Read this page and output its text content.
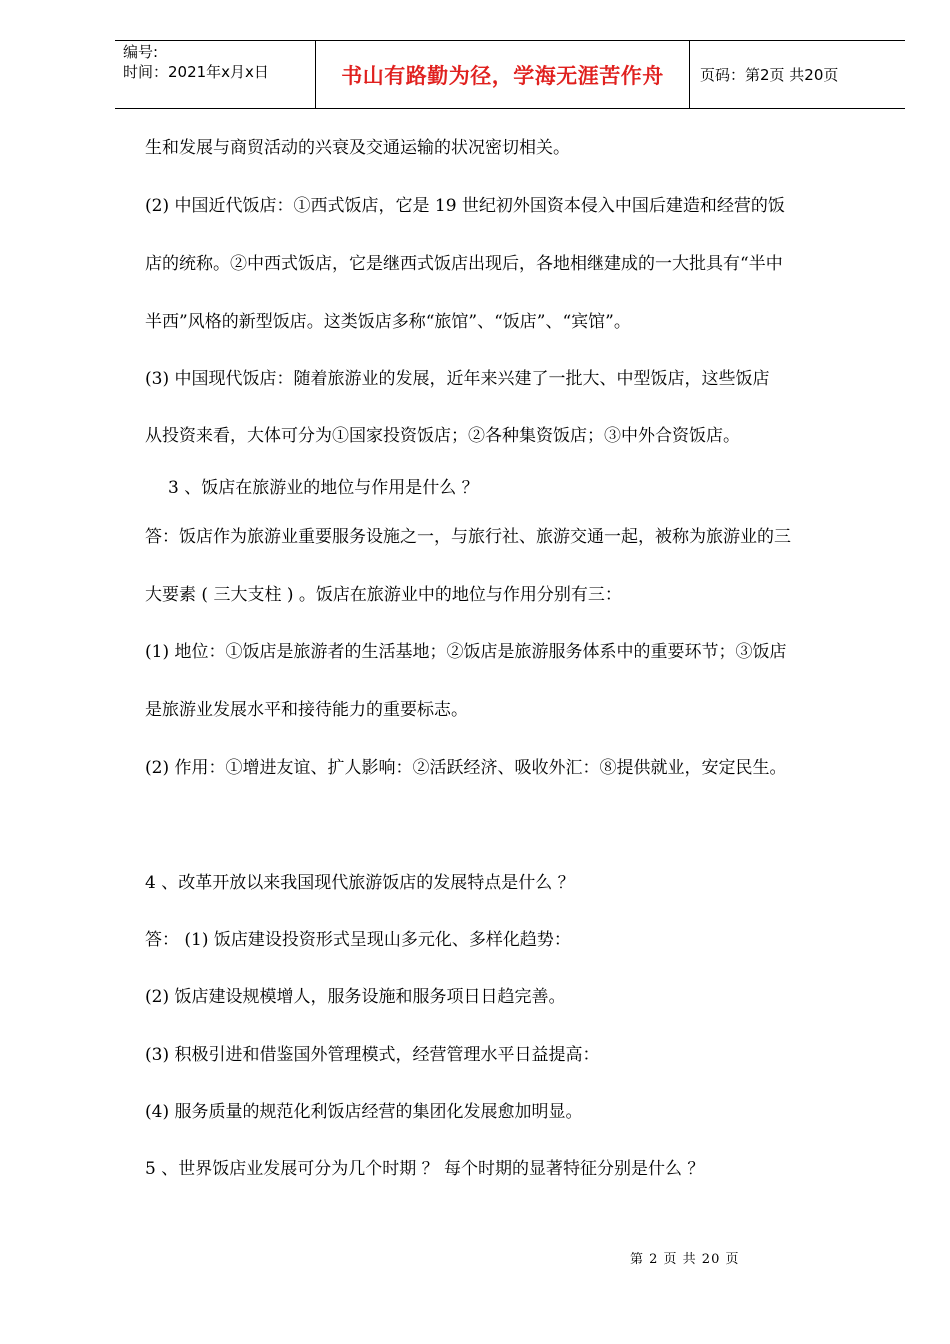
编号:
时间：2021年x月x日	书山有路勤为径，学海无涯苦作舟 页码：第2页 共20页
生和发展与商贸活动的兴衰及交通运输的状况密切相关。
(2) 中国近代饭店：①西式饭店，它是 19 世纪初外国资本侵入中国后建造和经营的饭
店的统称。②中西式饭店，它是继西式饭店出现后，各地相继建成的一大批具有“半中
半西”风格的新型饭店。这类饭店多称“旅馆”、“饭店”、“宾馆”。
(3) 中国现代饭店：随着旅游业的发展，近年来兴建了一批大、中型饭店，这些饭店
从投资来看，大体可分为①国家投资饭店；②各种集资饭店；③中外合资饭店。
3 、饭店在旅游业的地位与作用是什么 ？
答：饭店作为旅游业重要服务设施之一，与旅行社、旅游交通一起，被称为旅游业的三
大要素 ( 三大支柱 ) 。饭店在旅游业中的地位与作用分别有三：
(1) 地位：①饭店是旅游者的生活基地；②饭店是旅游服务体系中的重要环节；③饭店
是旅游业发展水平和接待能力的重要标志。
(2) 作用：①增进友谊、扩人影响：②活跃经济、吸收外汇：⑧提供就业，安定民生。
4 、改革开放以来我国现代旅游饭店的发展特点是什么 ？
答： (1) 饭店建设投资形式呈现山多元化、多样化趋势：
(2) 饭店建设规模增人，服务设施和服务项日日趋完善。
(3) 积极引进和借鉴国外管理模式，经营管理水平日益提高：
(4) 服务质量的规范化利饭店经营的集团化发展愈加明显。
5 、世界饭店业发展可分为几个时期 ？ 每个时期的显著特征分别是什么 ？
第 2 页 共 20 页
